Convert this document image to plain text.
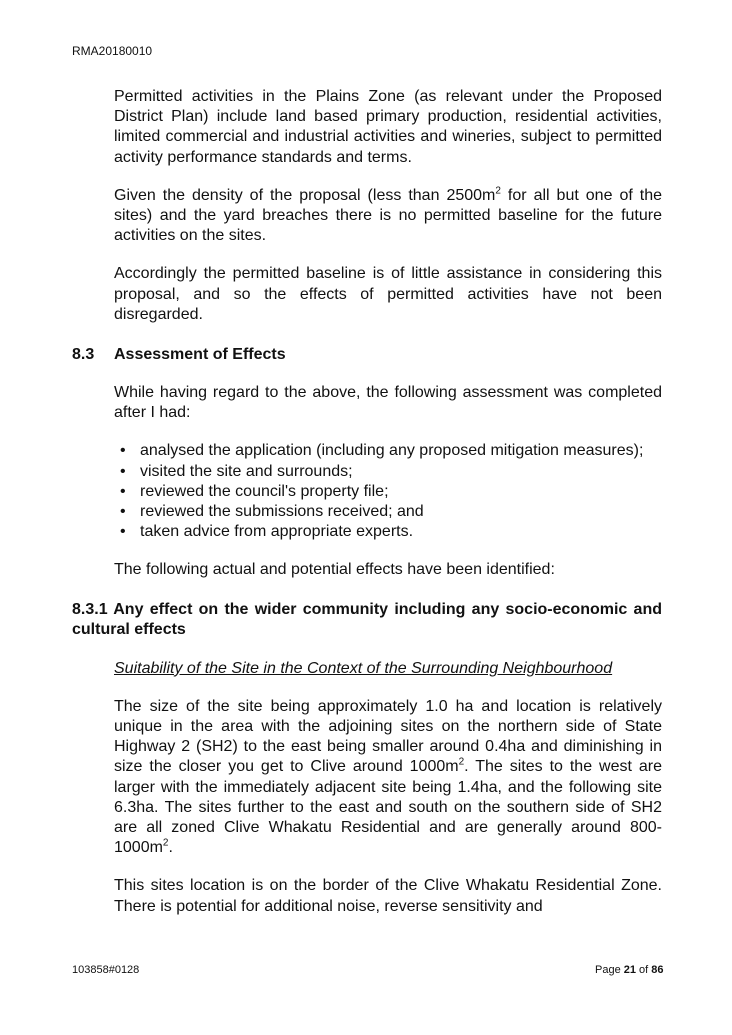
RMA20180010

Permitted activities in the Plains Zone (as relevant under the Proposed District Plan) include land based primary production, residential activities, limited commercial and industrial activities and wineries, subject to permitted activity performance standards and terms.

Given the density of the proposal (less than $2500m^2$ for all but one of the sites) and the yard breaches there is no permitted baseline for the future activities on the sites.

Accordingly the permitted baseline is of little assistance in considering this proposal, and so the effects of permitted activities have not been disregarded.

8.3	Assessment of Effects

While having regard to the above, the following assessment was completed after I had:

• analysed the application (including any proposed mitigation measures);
• visited the site and surrounds;
• reviewed the council's property file;
• reviewed the submissions received; and
• taken advice from appropriate experts.

The following actual and potential effects have been identified:

8.3.1 Any effect on the wider community including any socio-economic and cultural effects

Suitability of the Site in the Context of the Surrounding Neighbourhood

The size of the site being approximately 1.0 ha and location is relatively unique in the area with the adjoining sites on the northern side of State Highway 2 (SH2) to the east being smaller around 0.4ha and diminishing in size the closer you get to Clive around $1000m^2$. The sites to the west are larger with the immediately adjacent site being 1.4ha, and the following site 6.3ha. The sites further to the east and south on the southern side of SH2 are all zoned Clive Whakatu Residential and are generally around $800-1000m^2$.

This sites location is on the border of the Clive Whakatu Residential Zone. There is potential for additional noise, reverse sensitivity and

103858#0128	Page 21 of 86
